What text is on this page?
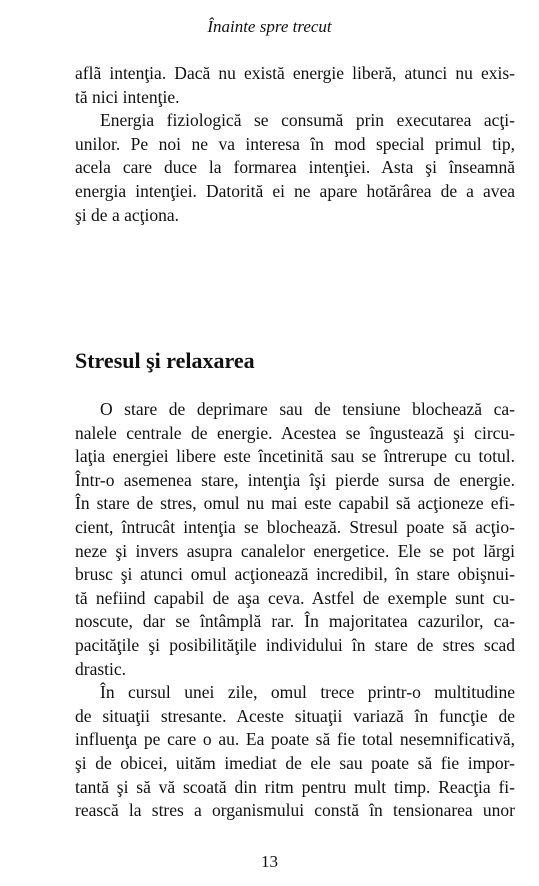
Înainte spre trecut
aflã intenţia. Dacă nu există energie liberă, atunci nu exis-
tă nici intenţie.
Energia fiziologică se consumă prin executarea acţi-
unilor. Pe noi ne va interesa în mod special primul tip,
acela care duce la formarea intenţiei. Asta şi înseamnă
energia intenţiei. Datorită ei ne apare hotărârea de a avea
şi de a acţiona.
Stresul şi relaxarea
O stare de deprimare sau de tensiune blochează ca-
nalele centrale de energie. Acestea se îngustează şi circu-
laţia energiei libere este încetinită sau se întrerupe cu totul.
Într-o asemenea stare, intenţia îşi pierde sursa de energie.
În stare de stres, omul nu mai este capabil să acţioneze efi-
cient, întrucât intenţia se blochează. Stresul poate să acţio-
neze şi invers asupra canalelor energetice. Ele se pot lărgi
brusc şi atunci omul acţionează incredibil, în stare obişnui-
tă nefiind capabil de aşa ceva. Astfel de exemple sunt cu-
noscute, dar se întâmplă rar. În majoritatea cazurilor, ca-
pacităţile şi posibilităţile individului în stare de stres scad
drastic.
În cursul unei zile, omul trece printr-o multitudine
de situaţii stresante. Aceste situaţii variază în funcţie de
influenţa pe care o au. Ea poate să fie total nesemnificativă,
şi de obicei, uităm imediat de ele sau poate să fie impor-
tantă şi să vă scoată din ritm pentru mult timp. Reacţia fi-
rească la stres a organismului constă în tensionarea unor
13
